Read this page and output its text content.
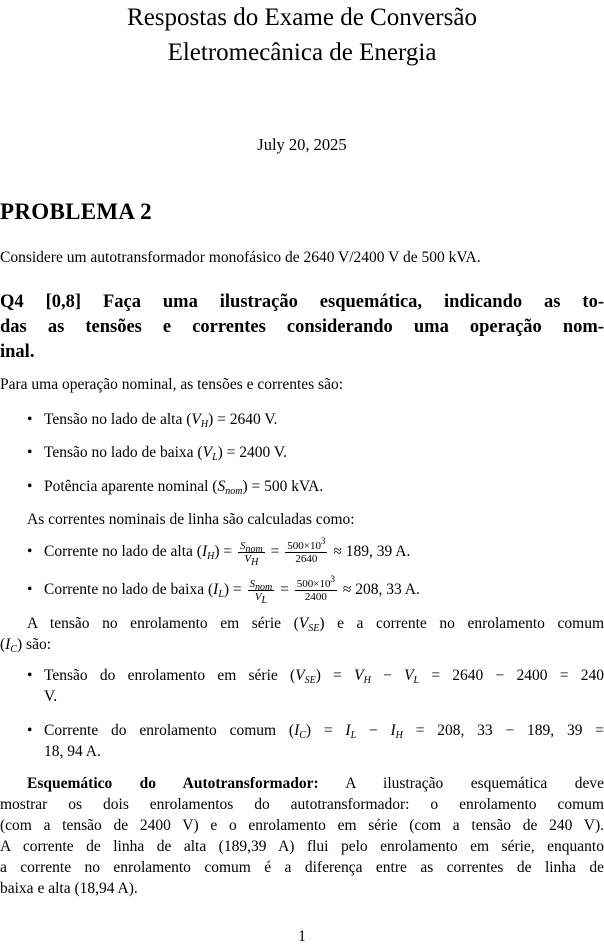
Respostas do Exame de Conversão
Eletromecânica de Energia
July 20, 2025
PROBLEMA 2
Considere um autotransformador monofásico de 2640 V/2400 V de 500 kVA.
Q4 [0,8] Faça uma ilustração esquemática, indicando as to-
das as tensões e correntes considerando uma operação nom-
inal.
Para uma operação nominal, as tensões e correntes são:
• Tensão no lado de alta $(V_H) = 2640$ V.
• Tensão no lado de baixa $(V_L) = 2400$ V.
• Potência aparente nominal $(S_{nom}) = 500$ kVA.
As correntes nominais de linha são calculadas como:
• Corrente no lado de alta $(I_H) = \frac{S_{nom}}{V_H} = \frac{500\times 10^3}{2640} \approx 189$, 39 A.
• Corrente no lado de baixa $(I_L) = \frac{S_{nom}}{V_L} = \frac{500\times 10^3}{2400} \approx 208$, 33 A.
A tensão no enrolamento em série $(V_{SE})$ e a corrente no enrolamento comum
$(I_C)$ são:
• Tensão do enrolamento em série $(V_{SE}) = V_H - V_L = 2640 - 2400 = 240$
V.
• Corrente do enrolamento comum $(I_C) = I_L - I_H = 208$, 33 − 189, 39 =
18, 94 A.
Esquemático do Autotransformador: A ilustração esquemática deve
mostrar os dois enrolamentos do autotransformador: o enrolamento comum
(com a tensão de 2400 V) e o enrolamento em série (com a tensão de 240 V).
A corrente de linha de alta (189,39 A) flui pelo enrolamento em série, enquanto
a corrente no enrolamento comum é a diferença entre as correntes de linha de
baixa e alta (18,94 A).
1
